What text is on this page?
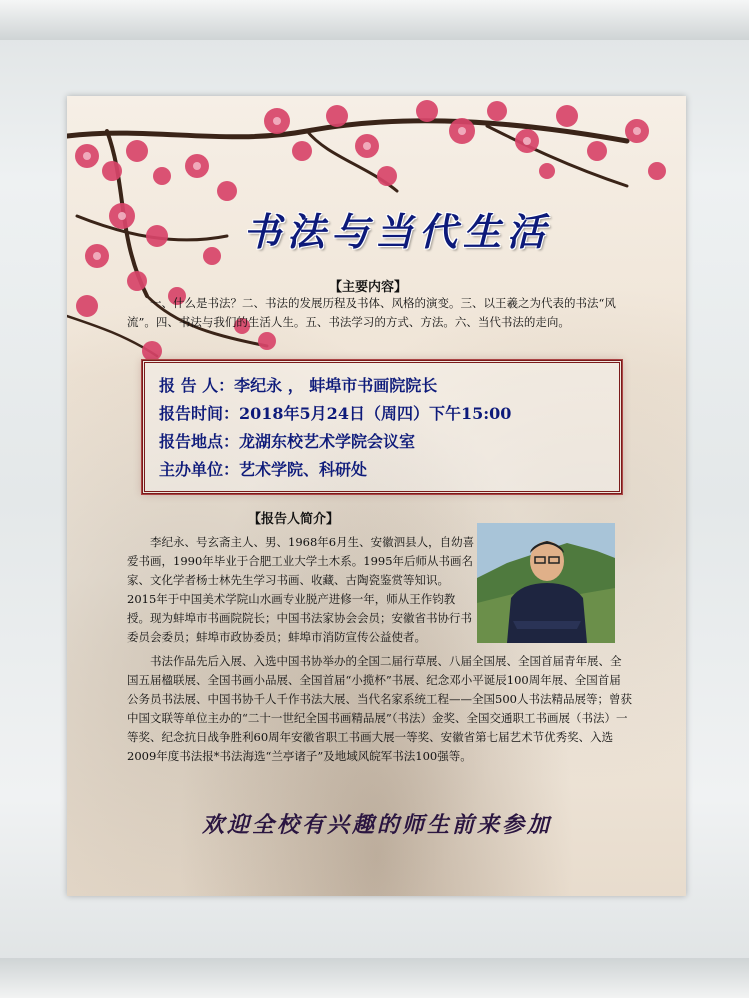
书法与当代生活
【主要内容】

一、什么是书法？二、书法的发展历程及书体、风格的演变。三、以王羲之为代表的书法“风流”。四、书法与我们的生活人生。五、书法学习的方式、方法。六、当代书法的走向。

报 告 人：李纪永 ， 蚌埠市书画院院长
报告时间：2018年5月24日（周四）下午15:00
报告地点：龙湖东校艺术学院会议室
主办单位：艺术学院、科研处
【报告人简介】

李纪永、号玄斋主人、男、1968年6月生、安徽泗县人，自幼喜爱书画，1990年毕业于合肥工业大学土木系。1995年后师从书画名家、文化学者杨士林先生学习书画、收藏、古陶瓷鉴赏等知识。2015年于中国美术学院山水画专业脱产进修一年，师从王作钧教授。现为蚌埠市书画院院长；中国书法家协会会员；安徽省书协行书委员会委员；蚌埠市政协委员；蚌埠市消防宣传公益使者。

书法作品先后入展、入选中国书协举办的全国二届行草展、八届全国展、全国首届青年展、全国五届楹联展、全国书画小品展、全国首届“小揽杯”书展、纪念邓小平诞辰100周年展、全国首届公务员书法展、中国书协千人千作书法大展、当代名家系统工程——全国500人书法精品展等；曾获中国文联等单位主办的“二十一世纪全国书画精品展”（书法）金奖、全国交通职工书画展（书法）一等奖、纪念抗日战争胜利60周年安徽省职工书画大展一等奖、安徽省第七届艺术节优秀奖、入选2009年度书法报*书法海选“兰亭诸子”及地域风皖军书法100强等。

欢迎全校有兴趣的师生前来参加
